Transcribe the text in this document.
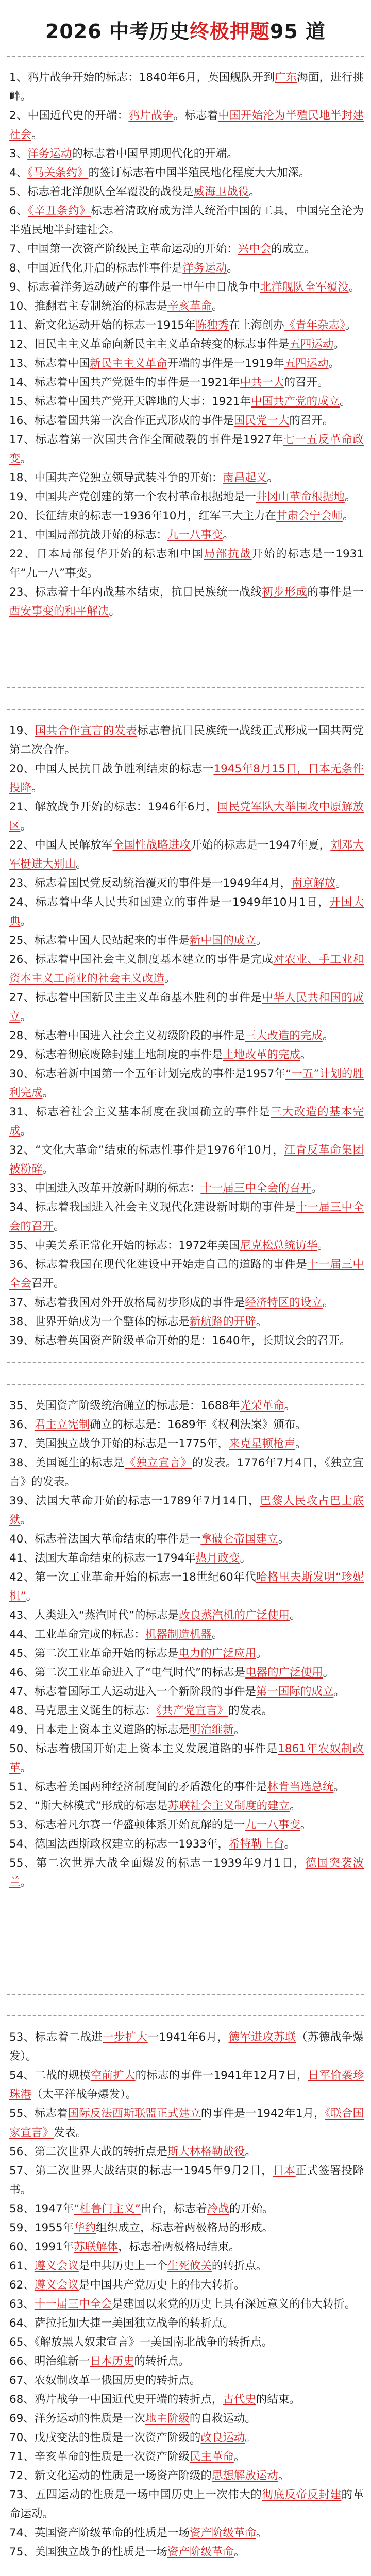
2026 中考历史终极押题95 道

1、鸦片战争开始的标志：1840年6月，英国舰队开到广东海面，进行挑衅。

2、中国近代史的开端：鸦片战争。标志着中国开始沦为半殖民地半封建社会。

3、洋务运动的标志着中国早期现代化的开端。

4、《马关条约》的签订标志着中国半殖民地化程度大大加深。

5、标志着北洋舰队全军覆没的战役是威海卫战役。

6、《辛丑条约》标志着清政府成为洋人统治中国的工具，中国完全沦为半殖民地半封建社会。

7、中国第一次资产阶级民主革命运动的开始：兴中会的成立。

8、中国近代化开启的标志性事件是洋务运动。

9、标志着洋务运动破产的事件是一甲午中日战争中北洋舰队全军覆没。

10、推翻君主专制统治的标志是辛亥革命。

11、新文化运动开始的标志一1915年陈独秀在上海创办《青年杂志》。

12、旧民主主义革命向新民主主义革命转变的标志事件是五四运动。

13、标志着中国新民主主义革命开端的事件是一1919年五四运动。

14、标志着中国共产党诞生的事件是一1921年中共一大的召开。

15、标志着中国共产党开天辟地的大事：1921年中国共产党的成立。

16、标志着国共第一次合作正式形成的事件是国民党一大的召开。

17、标志着第一次国共合作全面破裂的事件是1927年七一五反革命政变。

18、中国共产党独立领导武装斗争的开始：南昌起义。

19、中国共产党创建的第一个农村革命根据地是一井冈山革命根据地。

20、长征结束的标志一1936年10月，红军三大主力在甘肃会宁会师。

21、中国局部抗战开始的标志：九一八事变。

22、日本局部侵华开始的标志和中国局部抗战开始的标志是一1931年“九一八”事变。

23、标志着十年内战基本结束，抗日民族统一战线初步形成的事件是一西安事变的和平解决。

19、国共合作宣言的发表标志着抗日民族统一战线正式形成一国共两党第二次合作。

20、中国人民抗日战争胜利结束的标志一1945年8月15日，日本无条件投降。

21、解放战争开始的标志：1946年6月，国民党军队大举围攻中原解放区。

22、中国人民解放军全国性战略进攻开始的标志是一1947年夏，刘邓大军挺进大别山。

23、标志着国民党反动统治覆灭的事件是一1949年4月，南京解放。

24、标志着中华人民共和国建立的事件是一1949年10月1日，开国大典。

25、标志着中国人民站起来的事件是新中国的成立。

26、标志着中国社会主义制度基本建立的事件是完成对农业、手工业和资本主义工商业的社会主义改造。

27、标志着中国新民主主义革命基本胜利的事件是中华人民共和国的成立。

28、标志着中国进入社会主义初级阶段的事件是三大改造的完成。

29、标志着彻底废除封建土地制度的事件是土地改革的完成。

30、标志着新中国第一个五年计划完成的事件是1957年“一五”计划的胜利完成。

31、标志着社会主义基本制度在我国确立的事件是三大改造的基本完成。

32、“文化大革命”结束的标志性事件是1976年10月，江青反革命集团被粉碎。

33、中国进入改革开放新时期的标志：十一届三中全会的召开。

34、标志着我国进入社会主义现代化建设新时期的事件是十一届三中全会的召开。

35、中美关系正常化开始的标志：1972年美国尼克松总统访华。

36、标志着我国在现代化建设中开始走自己的道路的事件是十一届三中全会召开。

37、标志着我国对外开放格局初步形成的事件是经济特区的设立。

38、世界开始成为一个整体的标志是新航路的开辟。

39、标志着英国资产阶级革命开始的是：1640年，长期议会的召开。

35、英国资产阶级统治确立的标志是：1688年光荣革命。

36、君主立宪制确立的标志是：1689年《权利法案》颁布。

37、美国独立战争开始的标志是一1775年，来克星顿枪声。

38、美国诞生的标志是《独立宣言》的发表。1776年7月4日，《独立宣言》的发表。

39、法国大革命开始的标志一1789年7月14日，巴黎人民攻占巴士底狱。

40、标志着法国大革命结束的事件是一拿破仑帝国建立。

41、法国大革命结束的标志一1794年热月政变。

42、第一次工业革命开始的标志一18世纪60年代哈格里夫斯发明“珍妮机”。

43、人类进入“蒸汽时代”的标志是改良蒸汽机的广泛使用。

44、工业革命完成的标志：机器制造机器。

45、第二次工业革命开始的标志是电力的广泛应用。

46、第二次工业革命进入了“电气时代”的标志是电器的广泛使用。

47、标志着国际工人运动进入一个新阶段的事件是第一国际的成立。

48、马克思主义诞生的标志：《共产党宣言》的发表。

49、日本走上资本主义道路的标志是明治维新。

50、标志着俄国开始走上资本主义发展道路的事件是1861年农奴制改革。

51、标志着美国两种经济制度间的矛盾激化的事件是林肯当选总统。

52、“斯大林模式”形成的标志是苏联社会主义制度的建立。

53、标志着凡尔赛一华盛顿体系开始瓦解的是一九一八事变。

54、德国法西斯政权建立的标志一1933年，希特勒上台。

55、第二次世界大战全面爆发的标志一1939年9月1日，德国突袭波兰。

53、标志着二战进一步扩大一1941年6月，德军进攻苏联（苏德战争爆发）。

54、二战的规模空前扩大的标志的事件一1941年12月7日，日军偷袭珍珠港（太平洋战争爆发）。

55、标志着国际反法西斯联盟正式建立的事件是一1942年1月，《联合国家宣言》发表。

56、第二次世界大战的转折点是斯大林格勒战役。

57、第二次世界大战结束的标志一1945年9月2日，日本正式签署投降书。

58、1947年“杜鲁门主义”出台，标志着冷战的开始。

59、1955年华约组织成立，标志着两极格局的形成。

60、1991年苏联解体，标志着两极格局结束。

61、遵义会议是中共历史上一个生死攸关的转折点。

62、遵义会议是中国共产党历史上的伟大转折。

63、十一届三中全会是建国以来党的历史上具有深远意义的伟大转折。

64、萨拉托加大捷一美国独立战争的转折点。

65、《解放黑人奴隶宣言》一美国南北战争的转折点。

66、明治维新一日本历史的转折点。

67、农奴制改革一俄国历史的转折点。

68、鸦片战争一中国近代史开端的转折点，古代史的结束。

69、洋务运动的性质是一次地主阶级的自救运动。

70、戊戌变法的性质是一次资产阶级的改良运动。

71、辛亥革命的性质是一次资产阶级民主革命。

72、新文化运动的性质是一场资产阶级的思想解放运动。

73、五四运动的性质是一场中国历史上一次伟大的彻底反帝反封建的革命运动。

74、英国资产阶级革命的性质是一场资产阶级革命。

75、美国独立战争的性质是一场资产阶级革命。
